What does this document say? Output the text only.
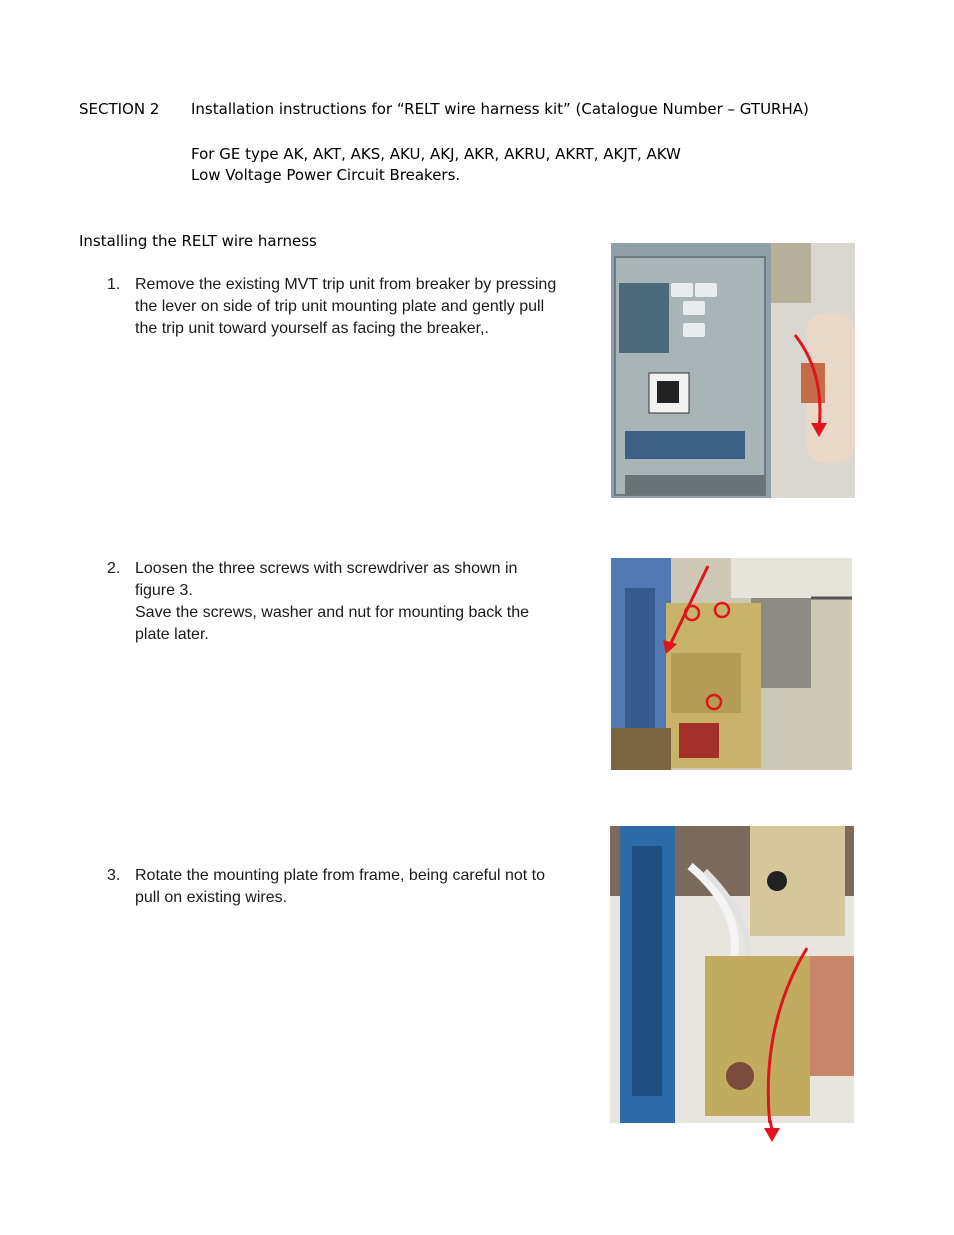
SECTION 2 Installation instructions for “RELT wire harness kit” (Catalogue Number – GTURHA)
For GE type AK, AKT, AKS, AKU, AKJ, AKR, AKRU, AKRT, AKJT, AKW
Low Voltage Power Circuit Breakers.
Installing the RELT wire harness
1. Remove the existing MVT trip unit from breaker by pressing
the lever on side of trip unit mounting plate and gently pull
the trip unit toward yourself as facing the breaker,.
2. Loosen the three screws with screwdriver as shown in
figure 3.
Save the screws, washer and nut for mounting back the
plate later.
3. Rotate the mounting plate from frame, being careful not to
pull on existing wires.
